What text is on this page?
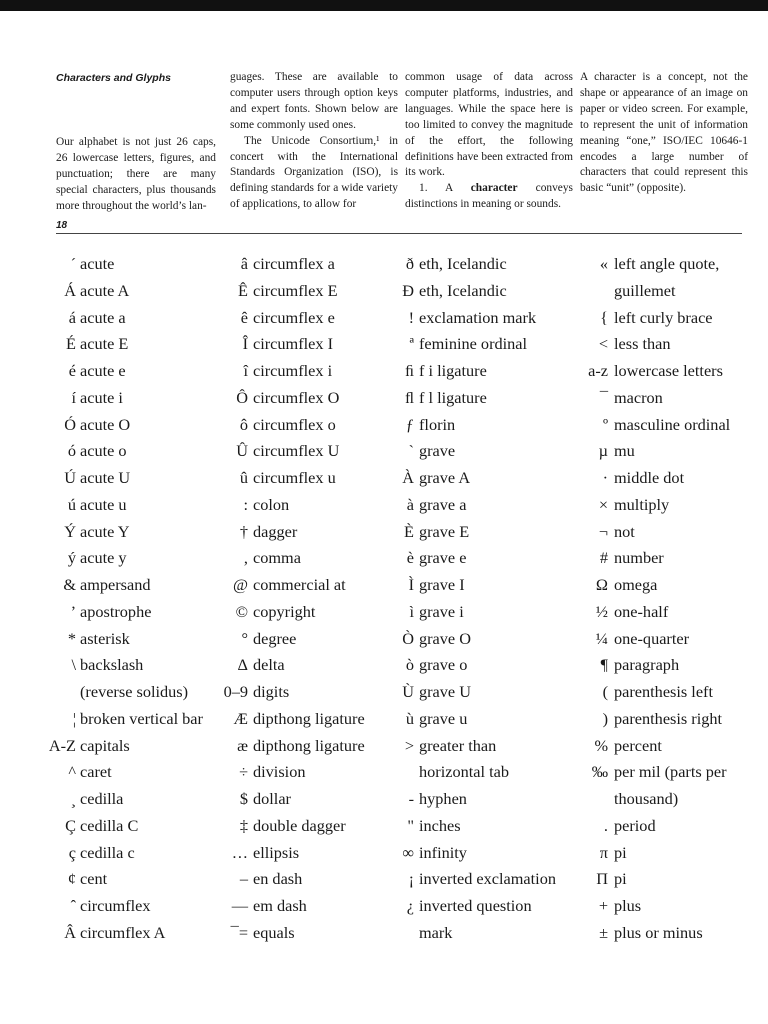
Characters and Glyphs

Our alphabet is not just 26 caps, 26 lowercase letters, figures, and punctuation; there are many special characters, plus thousands more throughout the world’s lan-

guages. These are available to computer users through option keys and expert fonts. Shown below are some commonly used ones.

The Unicode Consortium,¹ in concert with the International Standards Organization (ISO), is defining standards for a wide variety of applications, to allow for

common usage of data across computer platforms, industries, and languages. While the space here is too limited to convey the magnitude of the effort, the following definitions have been extracted from its work.

1. A character conveys distinctions in meaning or sounds.

A character is a concept, not the shape or appearance of an image on paper or video screen. For example, to represent the unit of information meaning “one,” ISO/IEC 10646-1 encodes a large number of characters that could represent this basic “unit” (opposite).

18
´ acute
Á acute A
á acute a
É acute E
é acute e
í acute i
Ó acute O
ó acute o
Ú acute U
ú acute u
Ý acute Y
ý acute y
& ampersand
’ apostrophe
* asterisk
\ backslash
(reverse solidus)
¦ broken vertical bar
A-Z capitals
^ caret
¸ cedilla
Ç cedilla C
ç cedilla c
¢ cent
ˆ circumflex
Â circumflex A
â circumflex a
Ê circumflex E
ê circumflex e
Î circumflex I
î circumflex i
Ô circumflex O
ô circumflex o
Û circumflex U
û circumflex u
: colon
† dagger
, comma
@ commercial at
© copyright
° degree
Δ delta
0–9 digits
Æ dipthong ligature
æ dipthong ligature
÷ division
$ dollar
‡ double dagger
… ellipsis
– en dash
— em dash
¯= equals
ð eth, Icelandic
Ð eth, Icelandic
! exclamation mark
ª feminine ordinal
ﬁ f i ligature
ﬂ f l ligature
ƒ florin
` grave
À grave A
à grave a
È grave E
è grave e
Ì grave I
ì grave i
Ò grave O
ò grave o
Ù grave U
ù grave u
> greater than
horizontal tab
- hyphen
" inches
∞ infinity
¡ inverted exclamation
¿ inverted question
mark
« left angle quote,
guillemet
{ left curly brace
< less than
a-z lowercase letters
¯ macron
º masculine ordinal
µ mu
· middle dot
× multiply
¬ not
# number
Ω omega
½ one-half
¼ one-quarter
¶ paragraph
( parenthesis left
) parenthesis right
% percent
‰ per mil (parts per
thousand)
. period
π pi
Π pi
+ plus
± plus or minus
